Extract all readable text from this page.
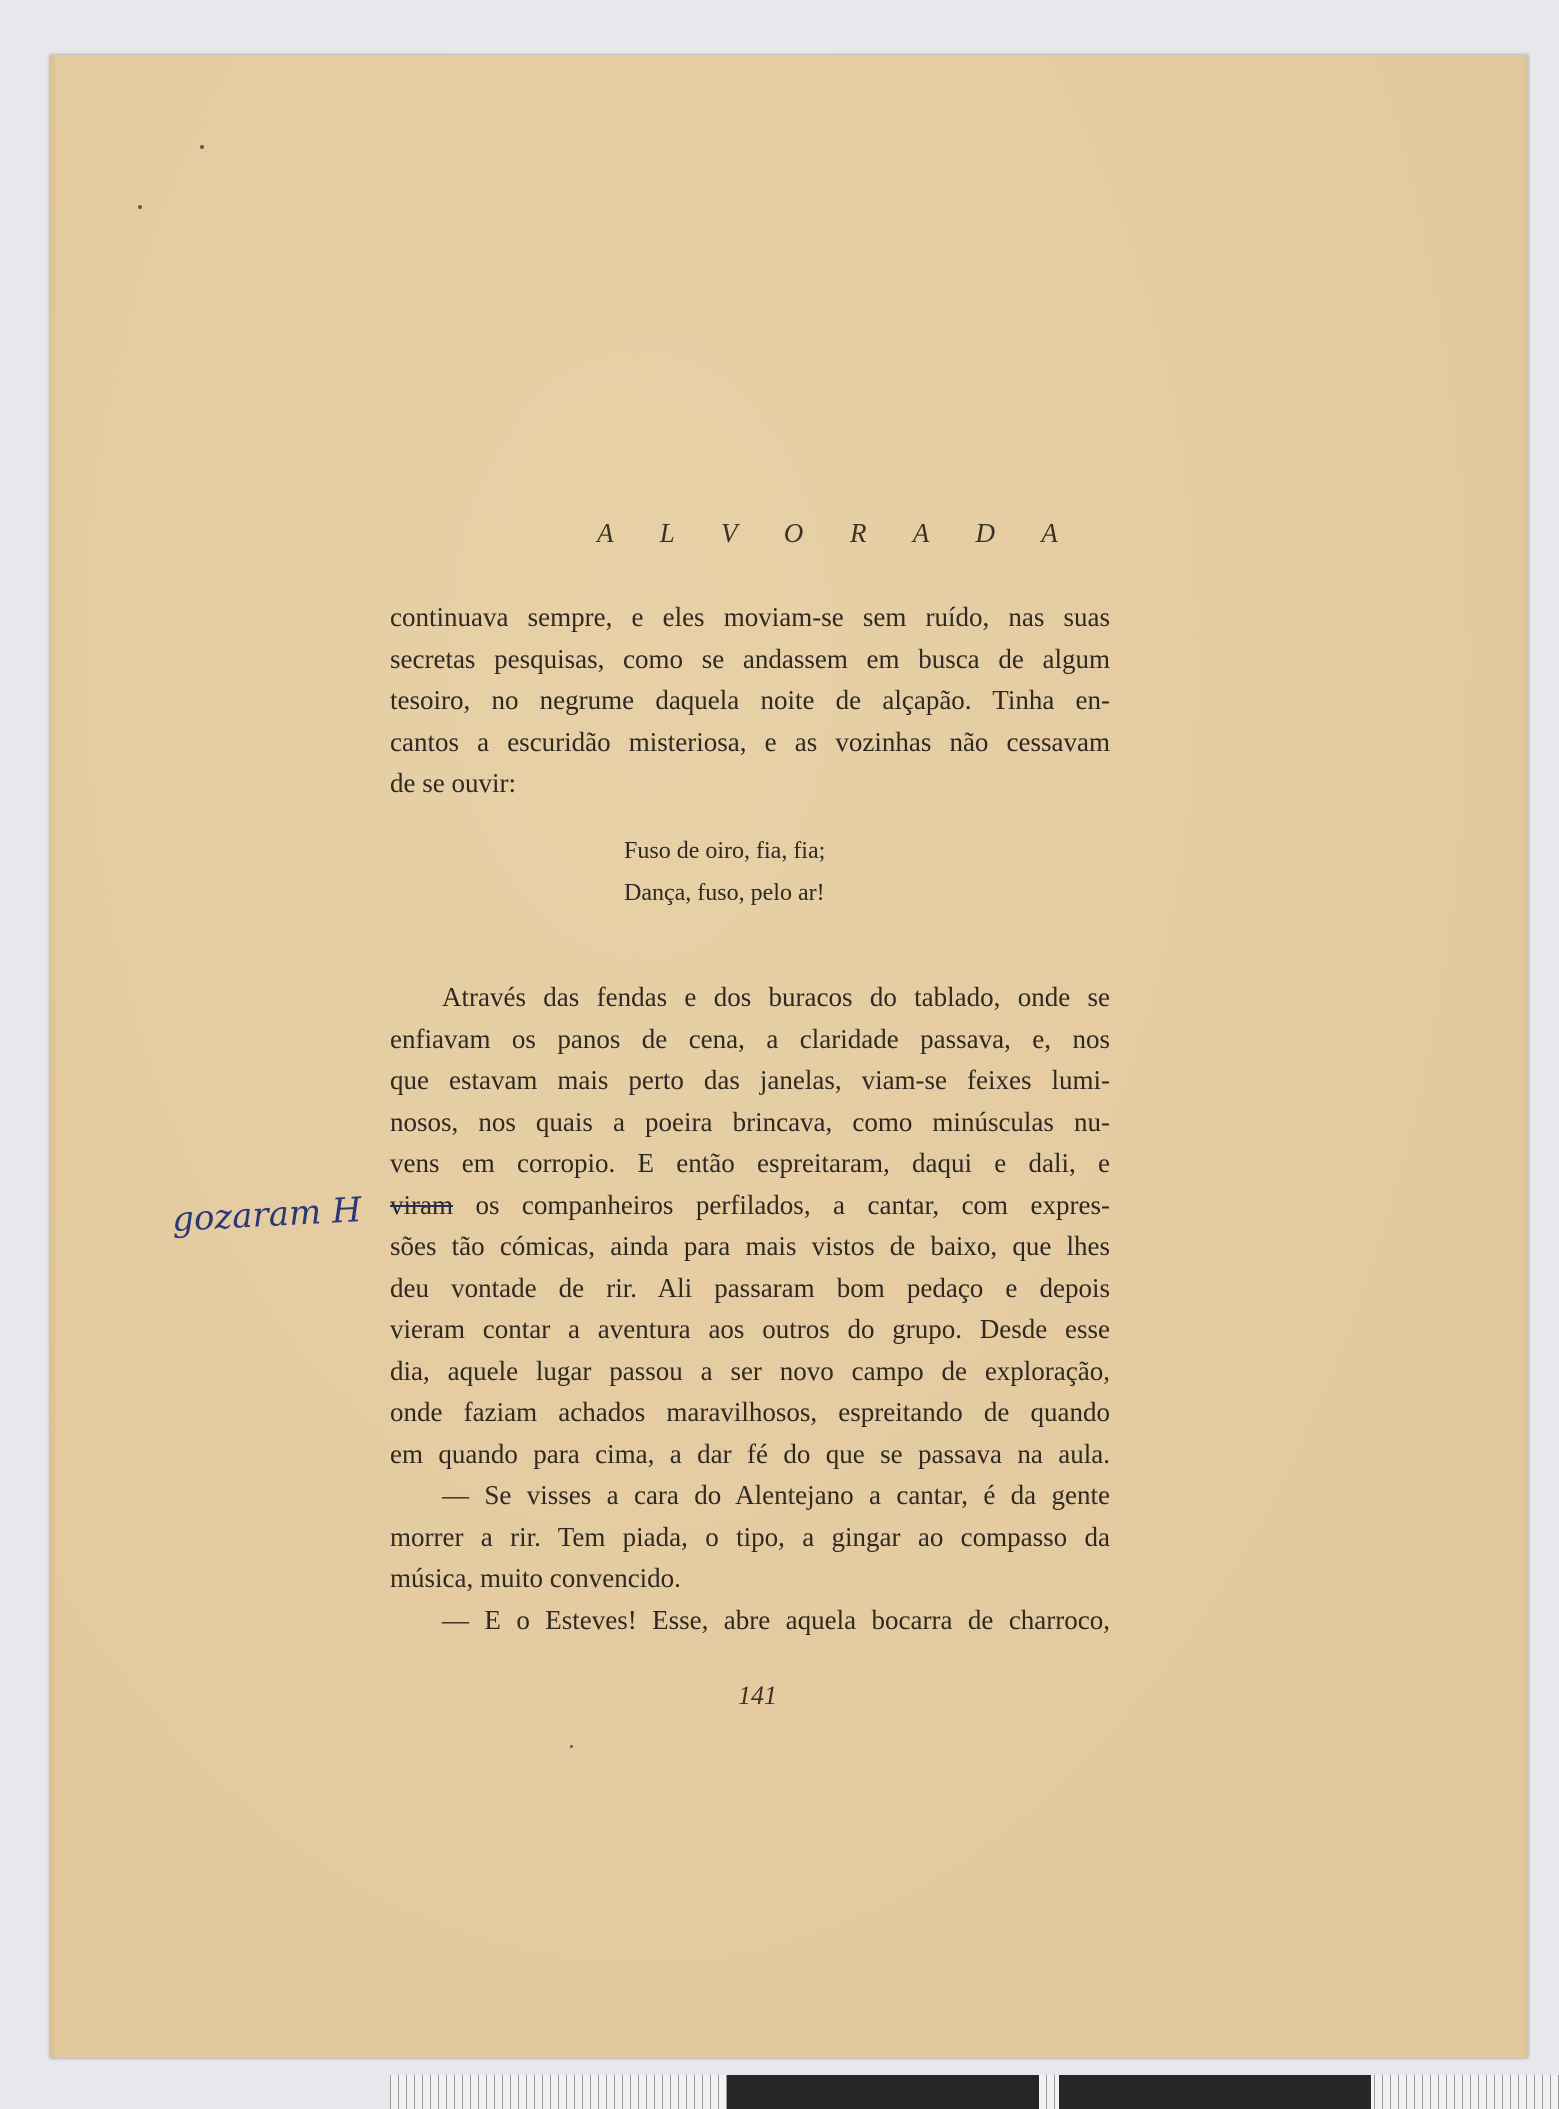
A L V O R A D A

continuava sempre, e eles moviam-se sem ruído, nas suas
secretas pesquisas, como se andassem em busca de algum
tesoiro, no negrume daquela noite de alçapão. Tinha en-
cantos a escuridão misteriosa, e as vozinhas não cessavam
de se ouvir:

Fuso de oiro, fia, fia;
Dança, fuso, pelo ar!

Através das fendas e dos buracos do tablado, onde se
enfiavam os panos de cena, a claridade passava, e, nos
que estavam mais perto das janelas, viam-se feixes lumi-
nosos, nos quais a poeira brincava, como minúsculas nu-
vens em corropio. E então espreitaram, daqui e dali, e
viram os companheiros perfilados, a cantar, com expres-
sões tão cómicas, ainda para mais vistos de baixo, que lhes
deu vontade de rir. Ali passaram bom pedaço e depois
vieram contar a aventura aos outros do grupo. Desde esse
dia, aquele lugar passou a ser novo campo de exploração,
onde faziam achados maravilhosos, espreitando de quando
em quando para cima, a dar fé do que se passava na aula.

— Se visses a cara do Alentejano a cantar, é da gente
morrer a rir. Tem piada, o tipo, a gingar ao compasso da
música, muito convencido.

— E o Esteves! Esse, abre aquela bocarra de charroco,

gozaram H
141
